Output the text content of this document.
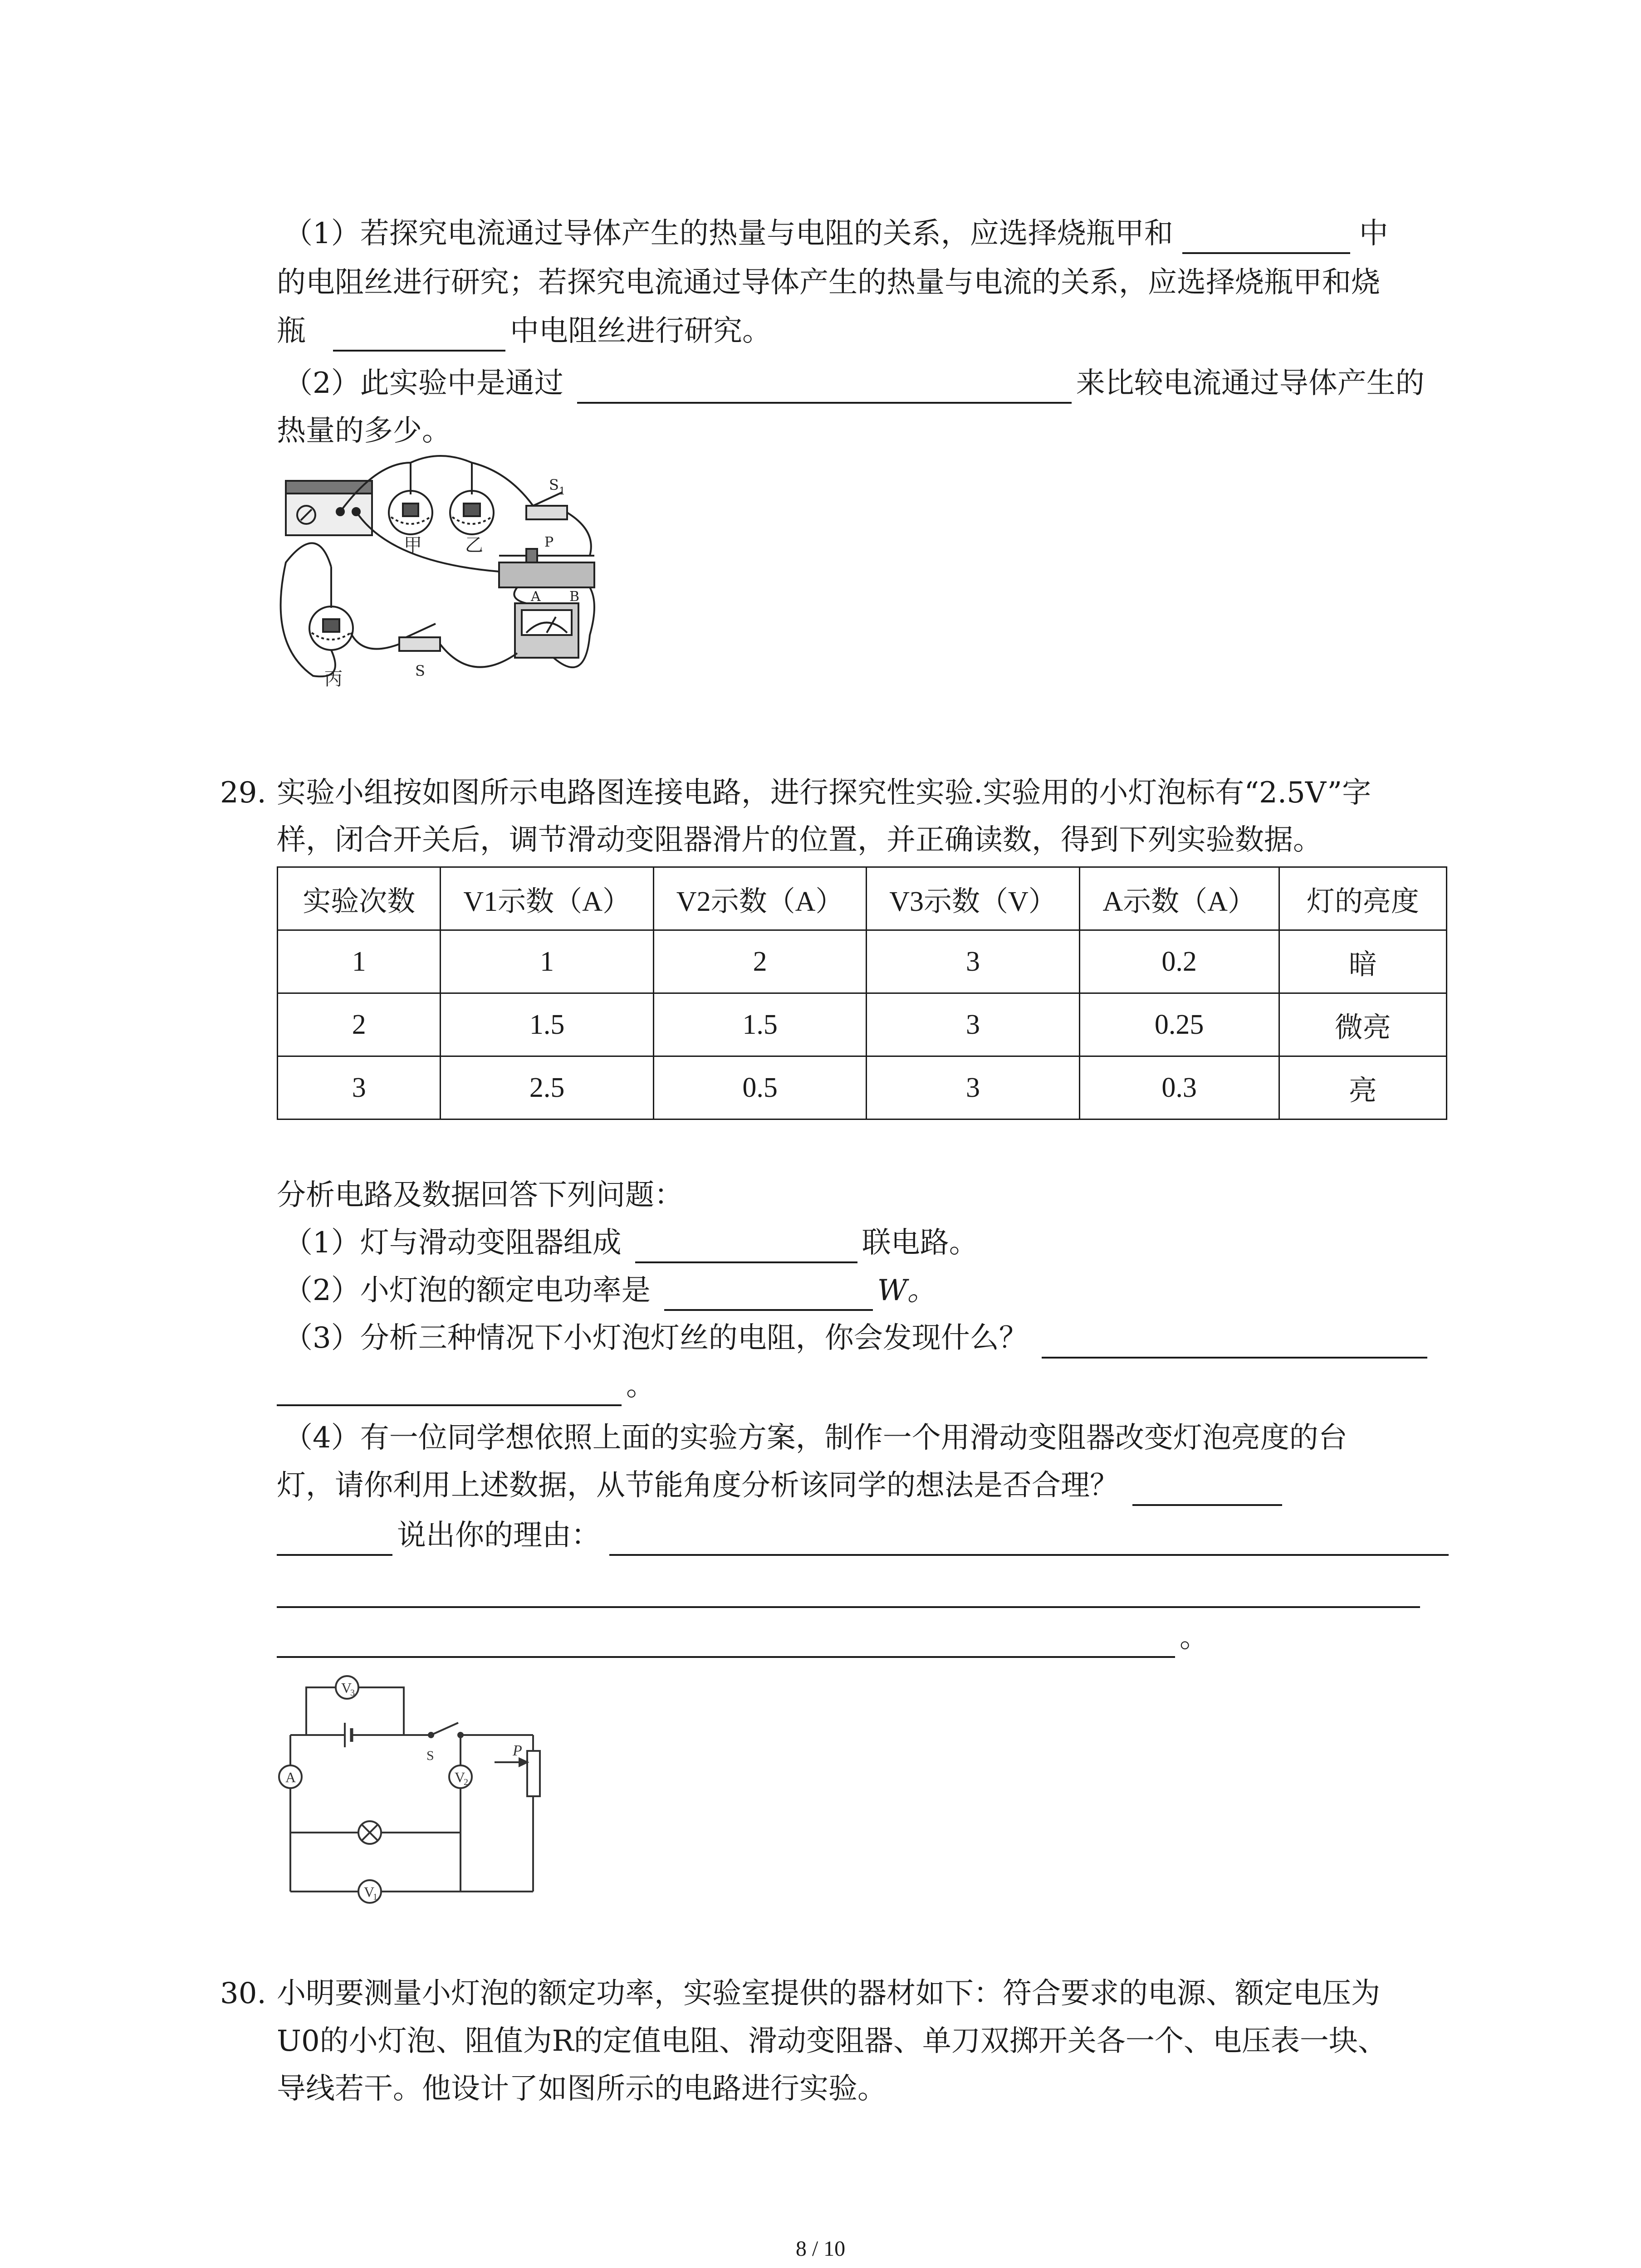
（1）若探究电流通过导体产生的热量与电阻的关系，应选择烧瓶甲和	中
的电阻丝进行研究；若探究电流通过导体产生的热量与电流的关系，应选择烧瓶甲和烧
瓶	中电阻丝进行研究。
（2）此实验中是通过	来比较电流通过导体产生的
热量的多少。
甲 乙
丙	S
S 1
P
A B
29. 实验小组按如图所示电路图连接电路，进行探究性实验.实验用的小灯泡标有“2.5V”字
样，闭合开关后，调节滑动变阻器滑片的位置，并正确读数，得到下列实验数据。
实验次数	V1示数（A）	V2示数（A）	V3示数（V）	A示数（A）	灯的亮度
1	1	2	3	0.2	暗
2	1.5	1.5	3	0.25	微亮
3	2.5	0.5	3	0.3	亮
分析电路及数据回答下列问题：
（1）灯与滑动变阻器组成	联电路。
（2）小灯泡的额定电功率是	W。
（3）分析三种情况下小灯泡灯丝的电阻，你会发现什么？
。
（4）有一位同学想依照上面的实验方案，制作一个用滑动变阻器改变灯泡亮度的台
灯，请你利用上述数据，从节能角度分析该同学的想法是否合理？
说出你的理由：
。
V
3
A	V
2
V
1
S	P
30. 小明要测量小灯泡的额定功率，实验室提供的器材如下：符合要求的电源、额定电压为
U0的小灯泡、阻值为R的定值电阻、滑动变阻器、单刀双掷开关各一个、电压表一块、
导线若干。他设计了如图所示的电路进行实验。
8 / 10
